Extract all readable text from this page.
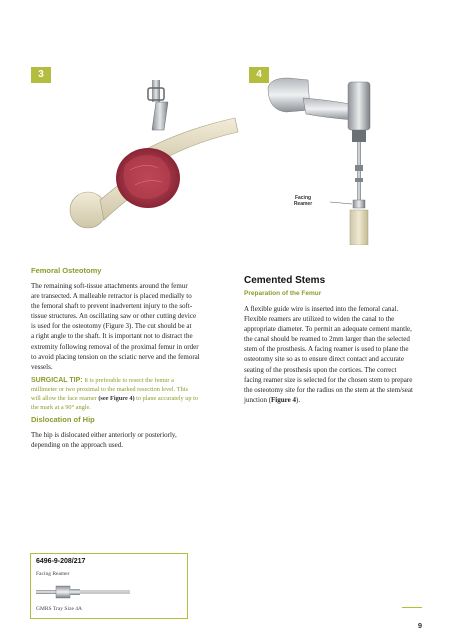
3	4
Facing
Reamer
Femoral Osteotomy
The remaining soft-tissue attachments around the femur
are transected. A malleable retractor is placed medially to
the femoral shaft to prevent inadvertent injury to the soft-
tissue structures. An oscillating saw or other cutting device
is used for the osteotomy (Figure 3). The cut should be at
a right angle to the shaft. It is important not to distract the
extremity following removal of the proximal femur in order
to avoid placing tension on the sciatic nerve and the femoral
vessels.
SURGICAL TIP: It is preferable to resect the femur a
millimeter or two proximal to the marked resection level. This
will allow the face reamer (see Figure 4) to plane accurately up to
the mark at a 90° angle.
Dislocation of Hip
The hip is dislocated either anteriorly or posteriorly,
depending on the approach used.
Cemented Stems
Preparation of the Femur
A flexible guide wire is inserted into the femoral canal.
Flexible reamers are utilized to widen the canal to the
appropriate diameter. To permit an adequate cement mantle,
the canal should be reamed to 2mm larger than the selected
stem of the prosthesis. A facing reamer is used to plane the
osteotomy site so as to ensure direct contact and accurate
seating of the prosthesis upon the cortices. The correct
facing reamer size is selected for the chosen stem to prepare
the osteotomy site for the radius on the stem at the stem/seat
junction (Figure 4).
6496-9-208/217
Facing Reamer
GMRS Tray Size 4A
9
